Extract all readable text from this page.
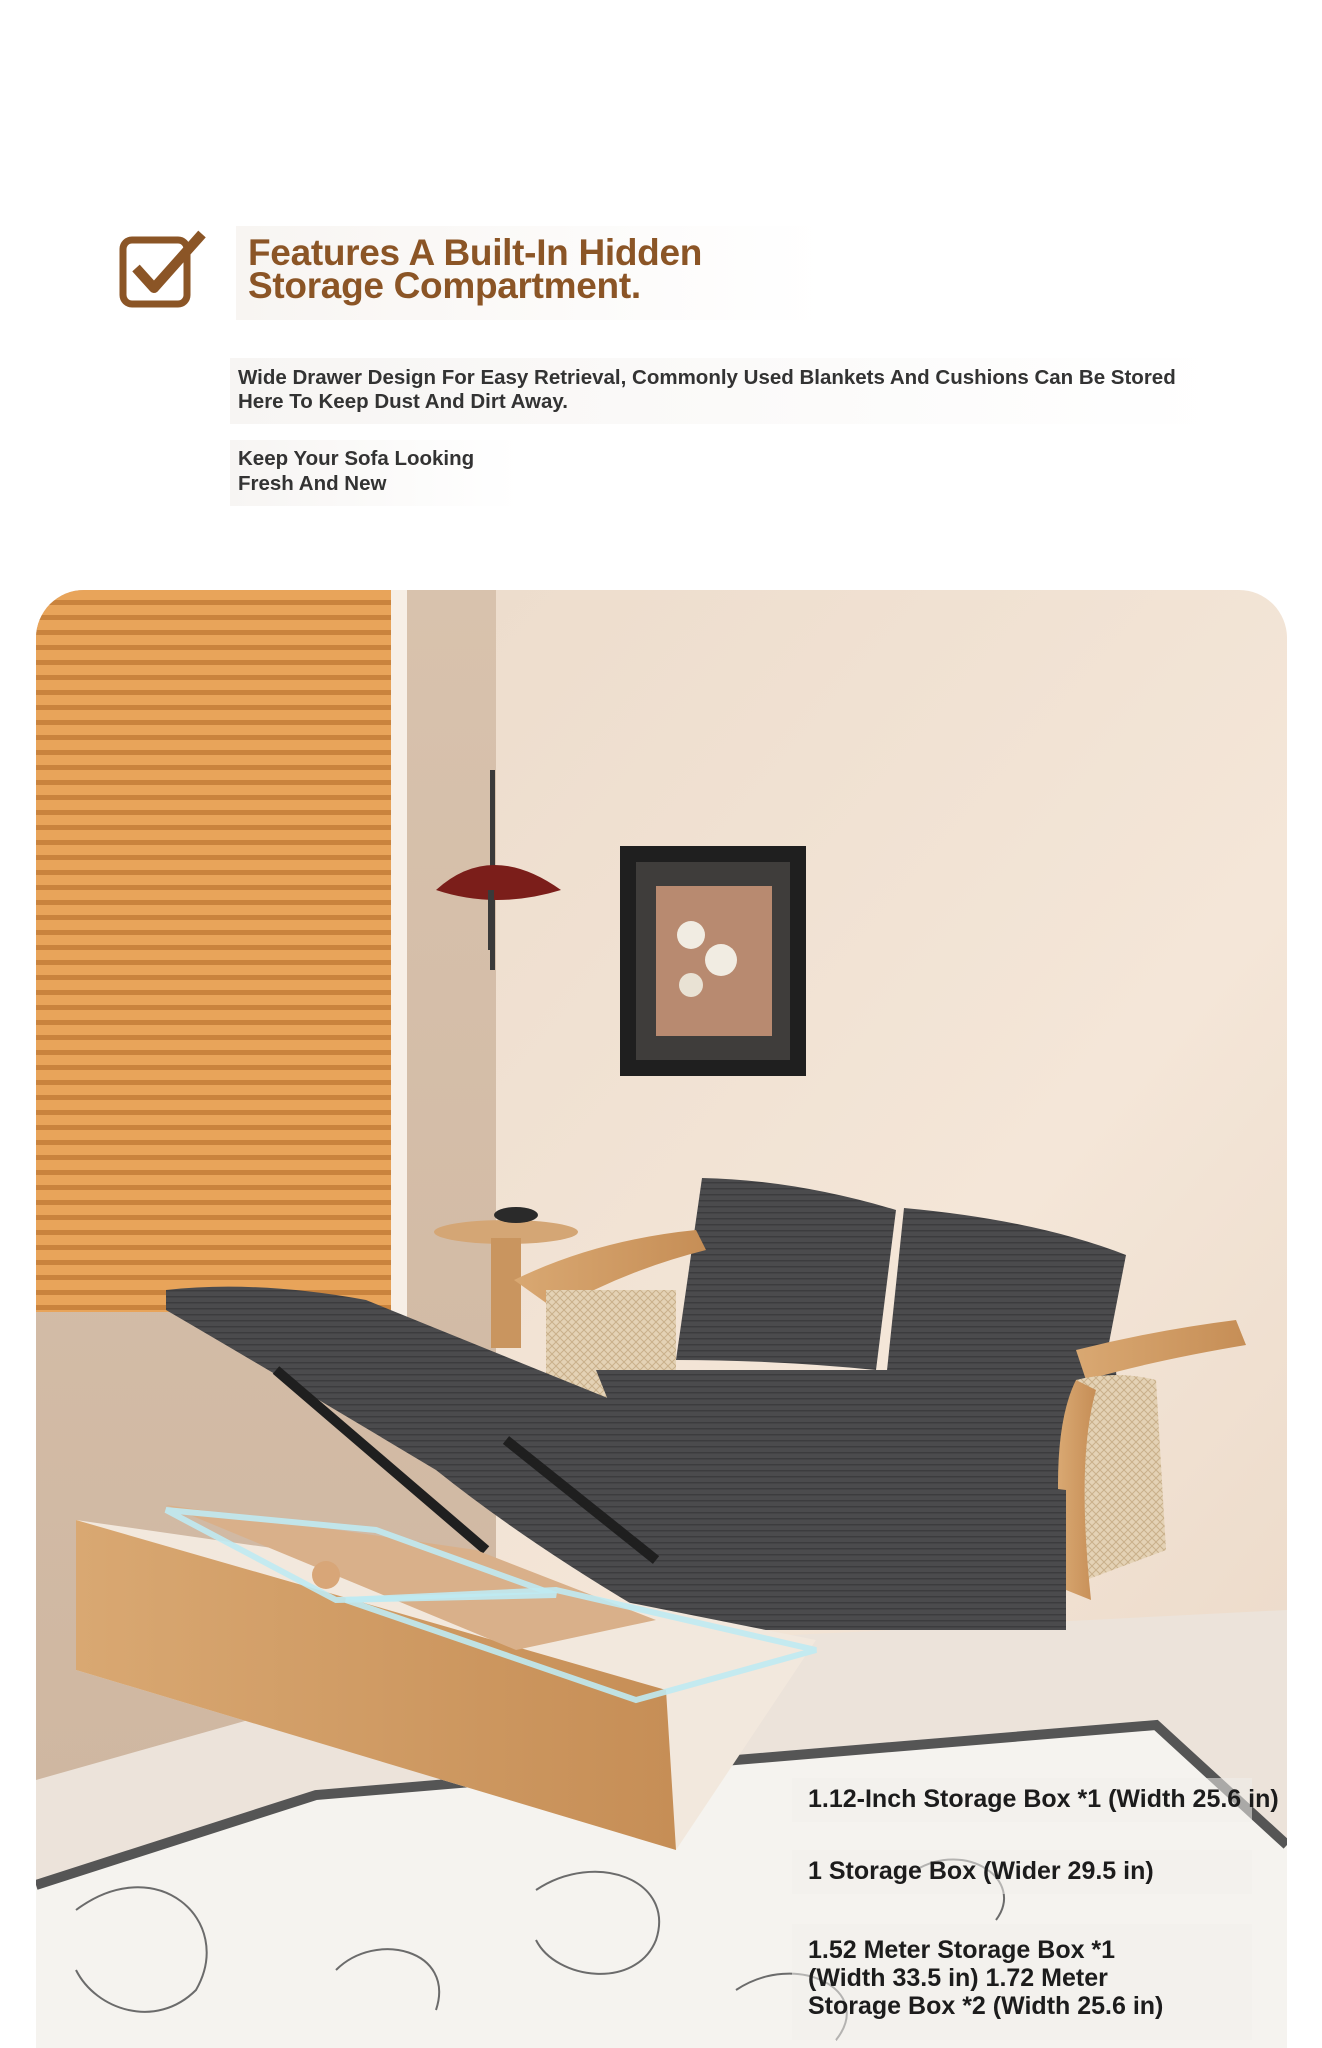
Features A Built-In Hidden
Storage Compartment.

Wide Drawer Design For Easy Retrieval, Commonly Used Blankets And Cushions Can Be Stored Here To Keep Dust And Dirt Away.

Keep Your Sofa Looking
Fresh And New

1.12-Inch Storage Box *1 (Width 25.6 in)

1 Storage Box (Wider 29.5 in)

1.52 Meter Storage Box *1
(Width 33.5 in) 1.72 Meter
Storage Box *2 (Width 25.6 in)
